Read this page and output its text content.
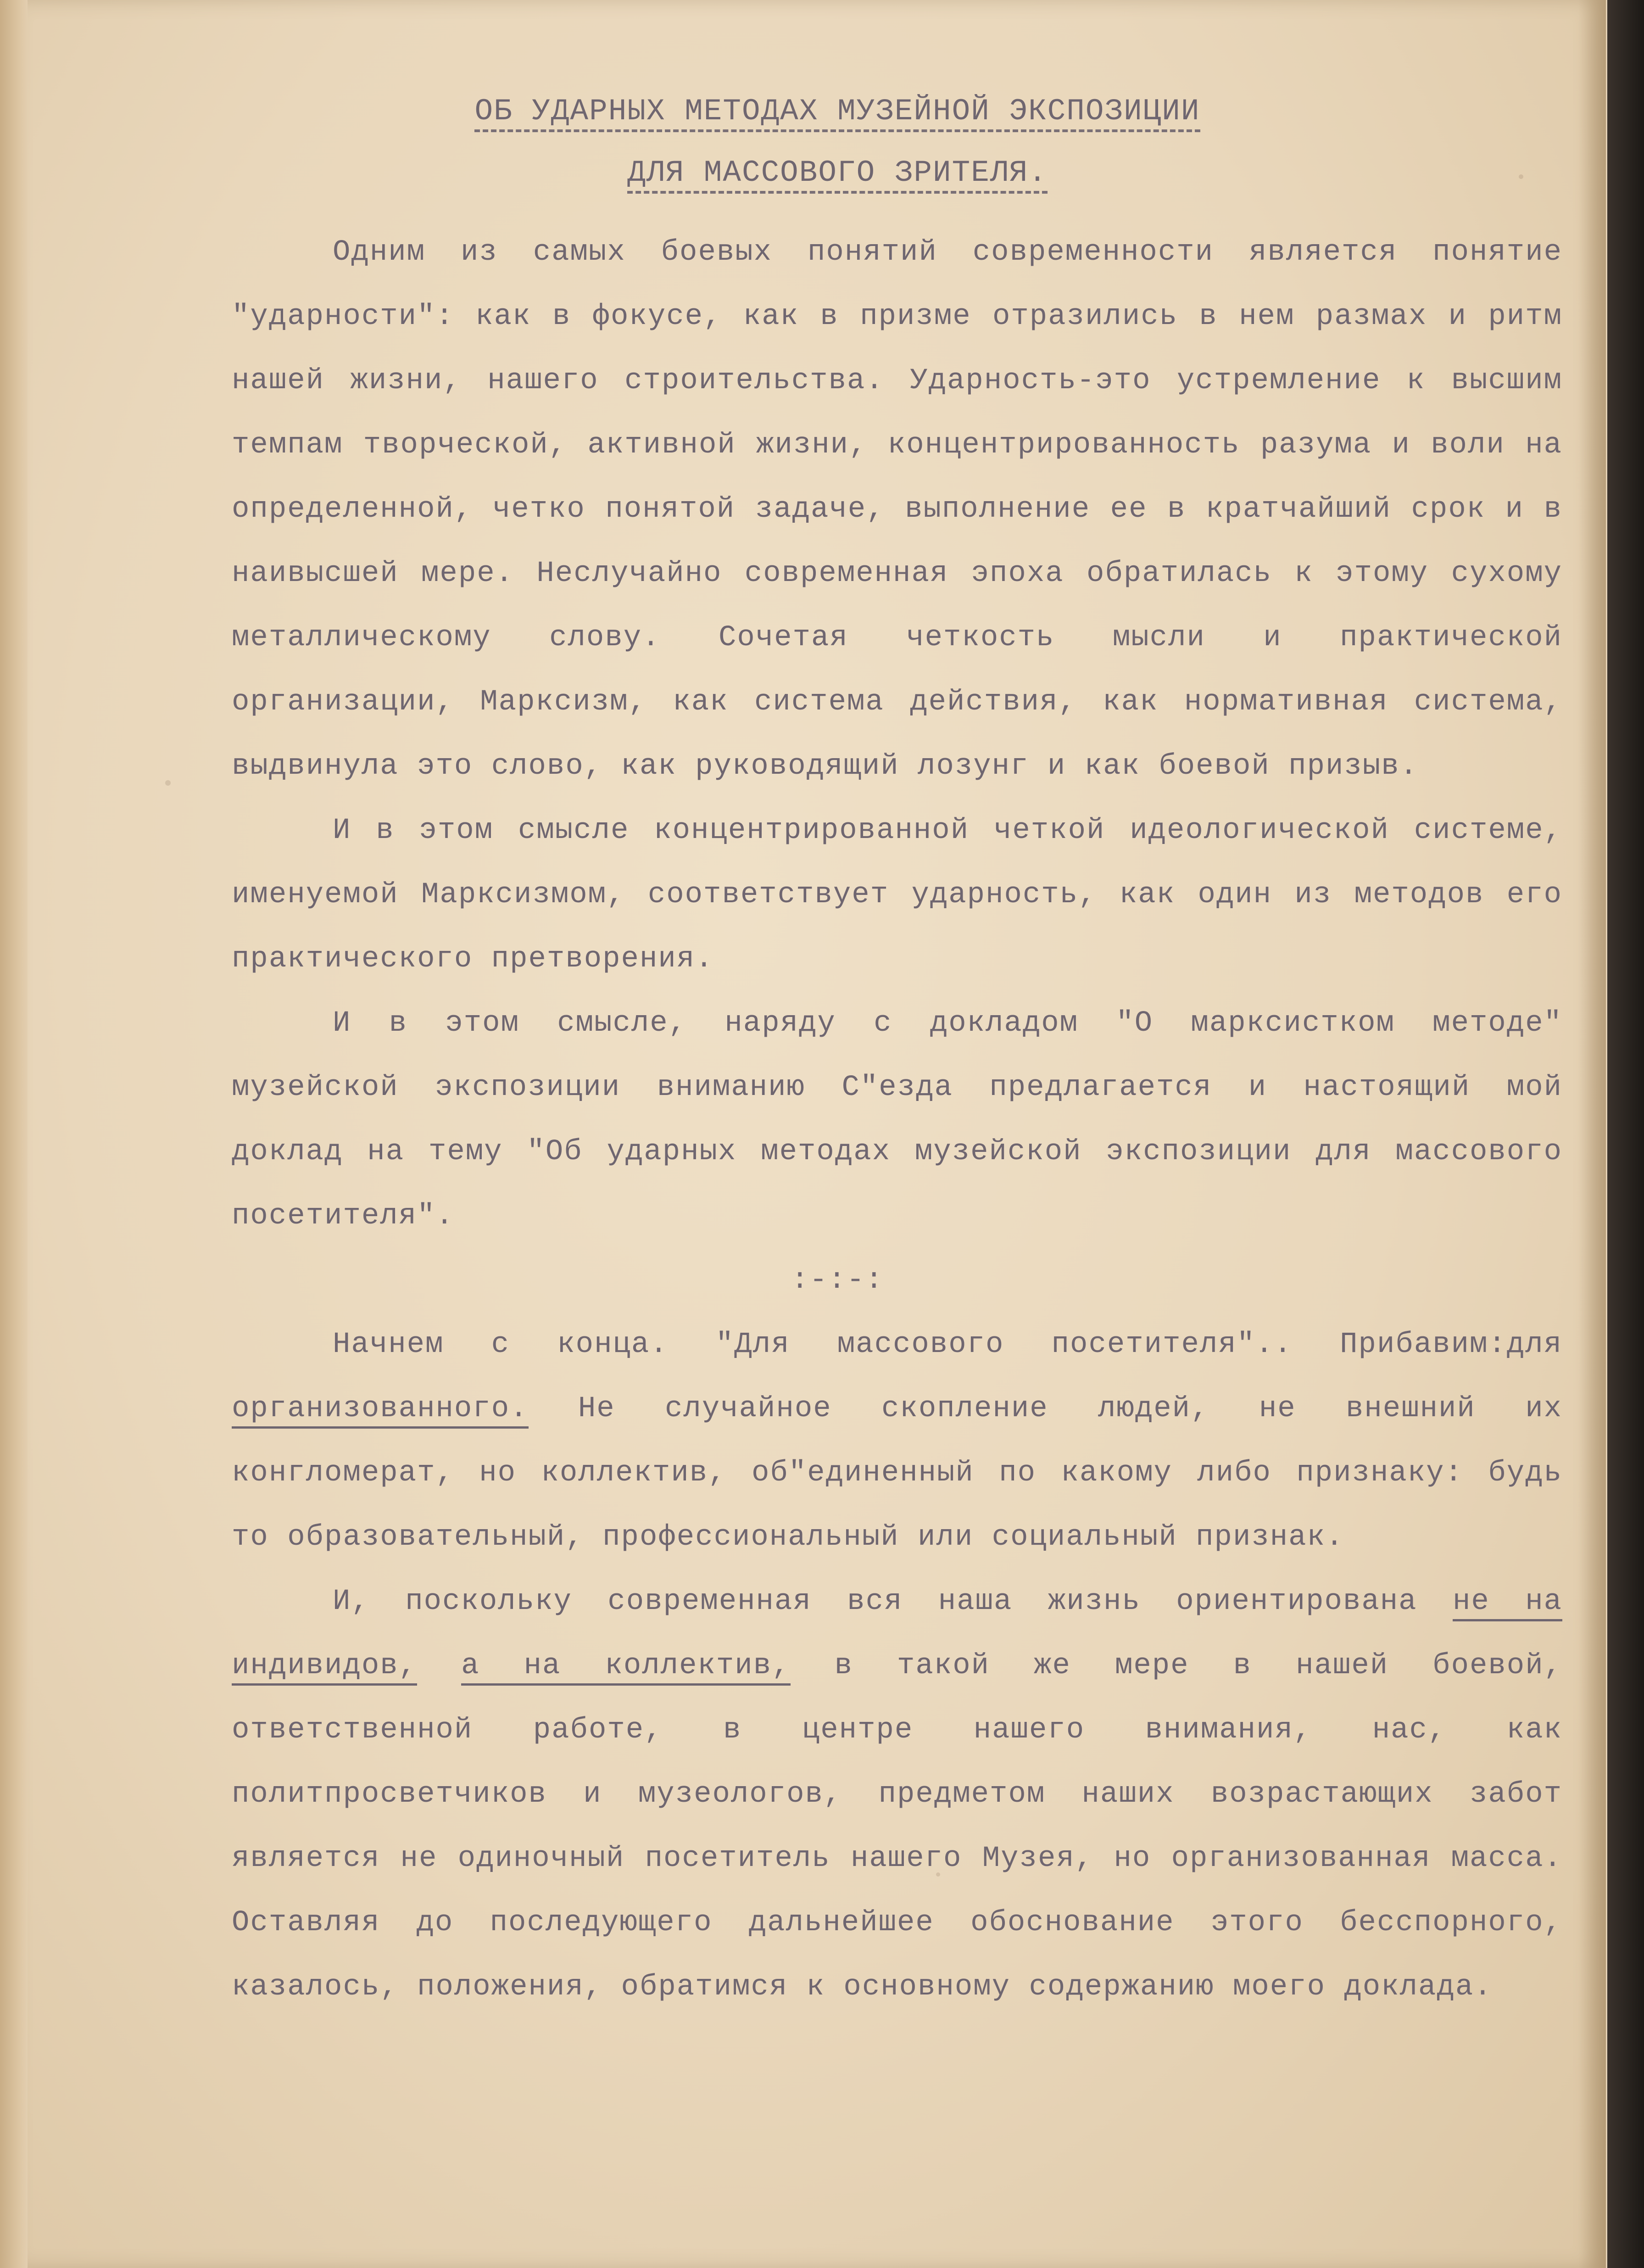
ОБ УДАРНЫХ МЕТОДАХ МУЗЕЙНОЙ ЭКСПОЗИЦИИ
ДЛЯ МАССОВОГО ЗРИТЕЛЯ.

Одним из самых боевых понятий современности является понятие "ударности": как в фокусе, как в призме отразились в нем размах и ритм нашей жизни, нашего строительства. Ударность-это устремление к высшим темпам творческой, активной жизни, концентрированность разума и воли на определенной, четко понятой задаче, выполнение ее в кратчайший срок и в наивысшей мере. Неслучайно современная эпоха обратилась к этому сухому металлическому слову. Сочетая четкость мысли и практической организации, Марксизм, как система действия, как нормативная система, выдвинула это слово, как руководящий лозунг и как боевой призыв.

И в этом смысле концентрированной четкой идеологической системе, именуемой Марксизмом, соответствует ударность, как один из методов его практического претворения.

И в этом смысле, наряду с докладом "О марксистком методе" музейской экспозиции вниманию С"езда предлагается и настоящий мой доклад на тему "Об ударных методах музейской экспозиции для массового посетителя".

:-:-:

Начнем с конца. "Для массового посетителя".. Прибавим:для организованного. Не случайное скопление людей, не внешний их конгломерат, но коллектив, об"единенный по какому либо признаку: будь то образовательный, профессиональный или социальный признак.

И, поскольку современная вся наша жизнь ориентирована не на индивидов, а на коллектив, в такой же мере в нашей боевой, ответственной работе, в центре нашего внимания, нас, как политпросветчиков и музеологов, предметом наших возрастающих забот является не одиночный посетитель нашего Музея, но организованная масса. Оставляя до последующего дальнейшее обоснование этого бесспорного, казалось, положения, обратимся к основному содержанию моего доклада.
